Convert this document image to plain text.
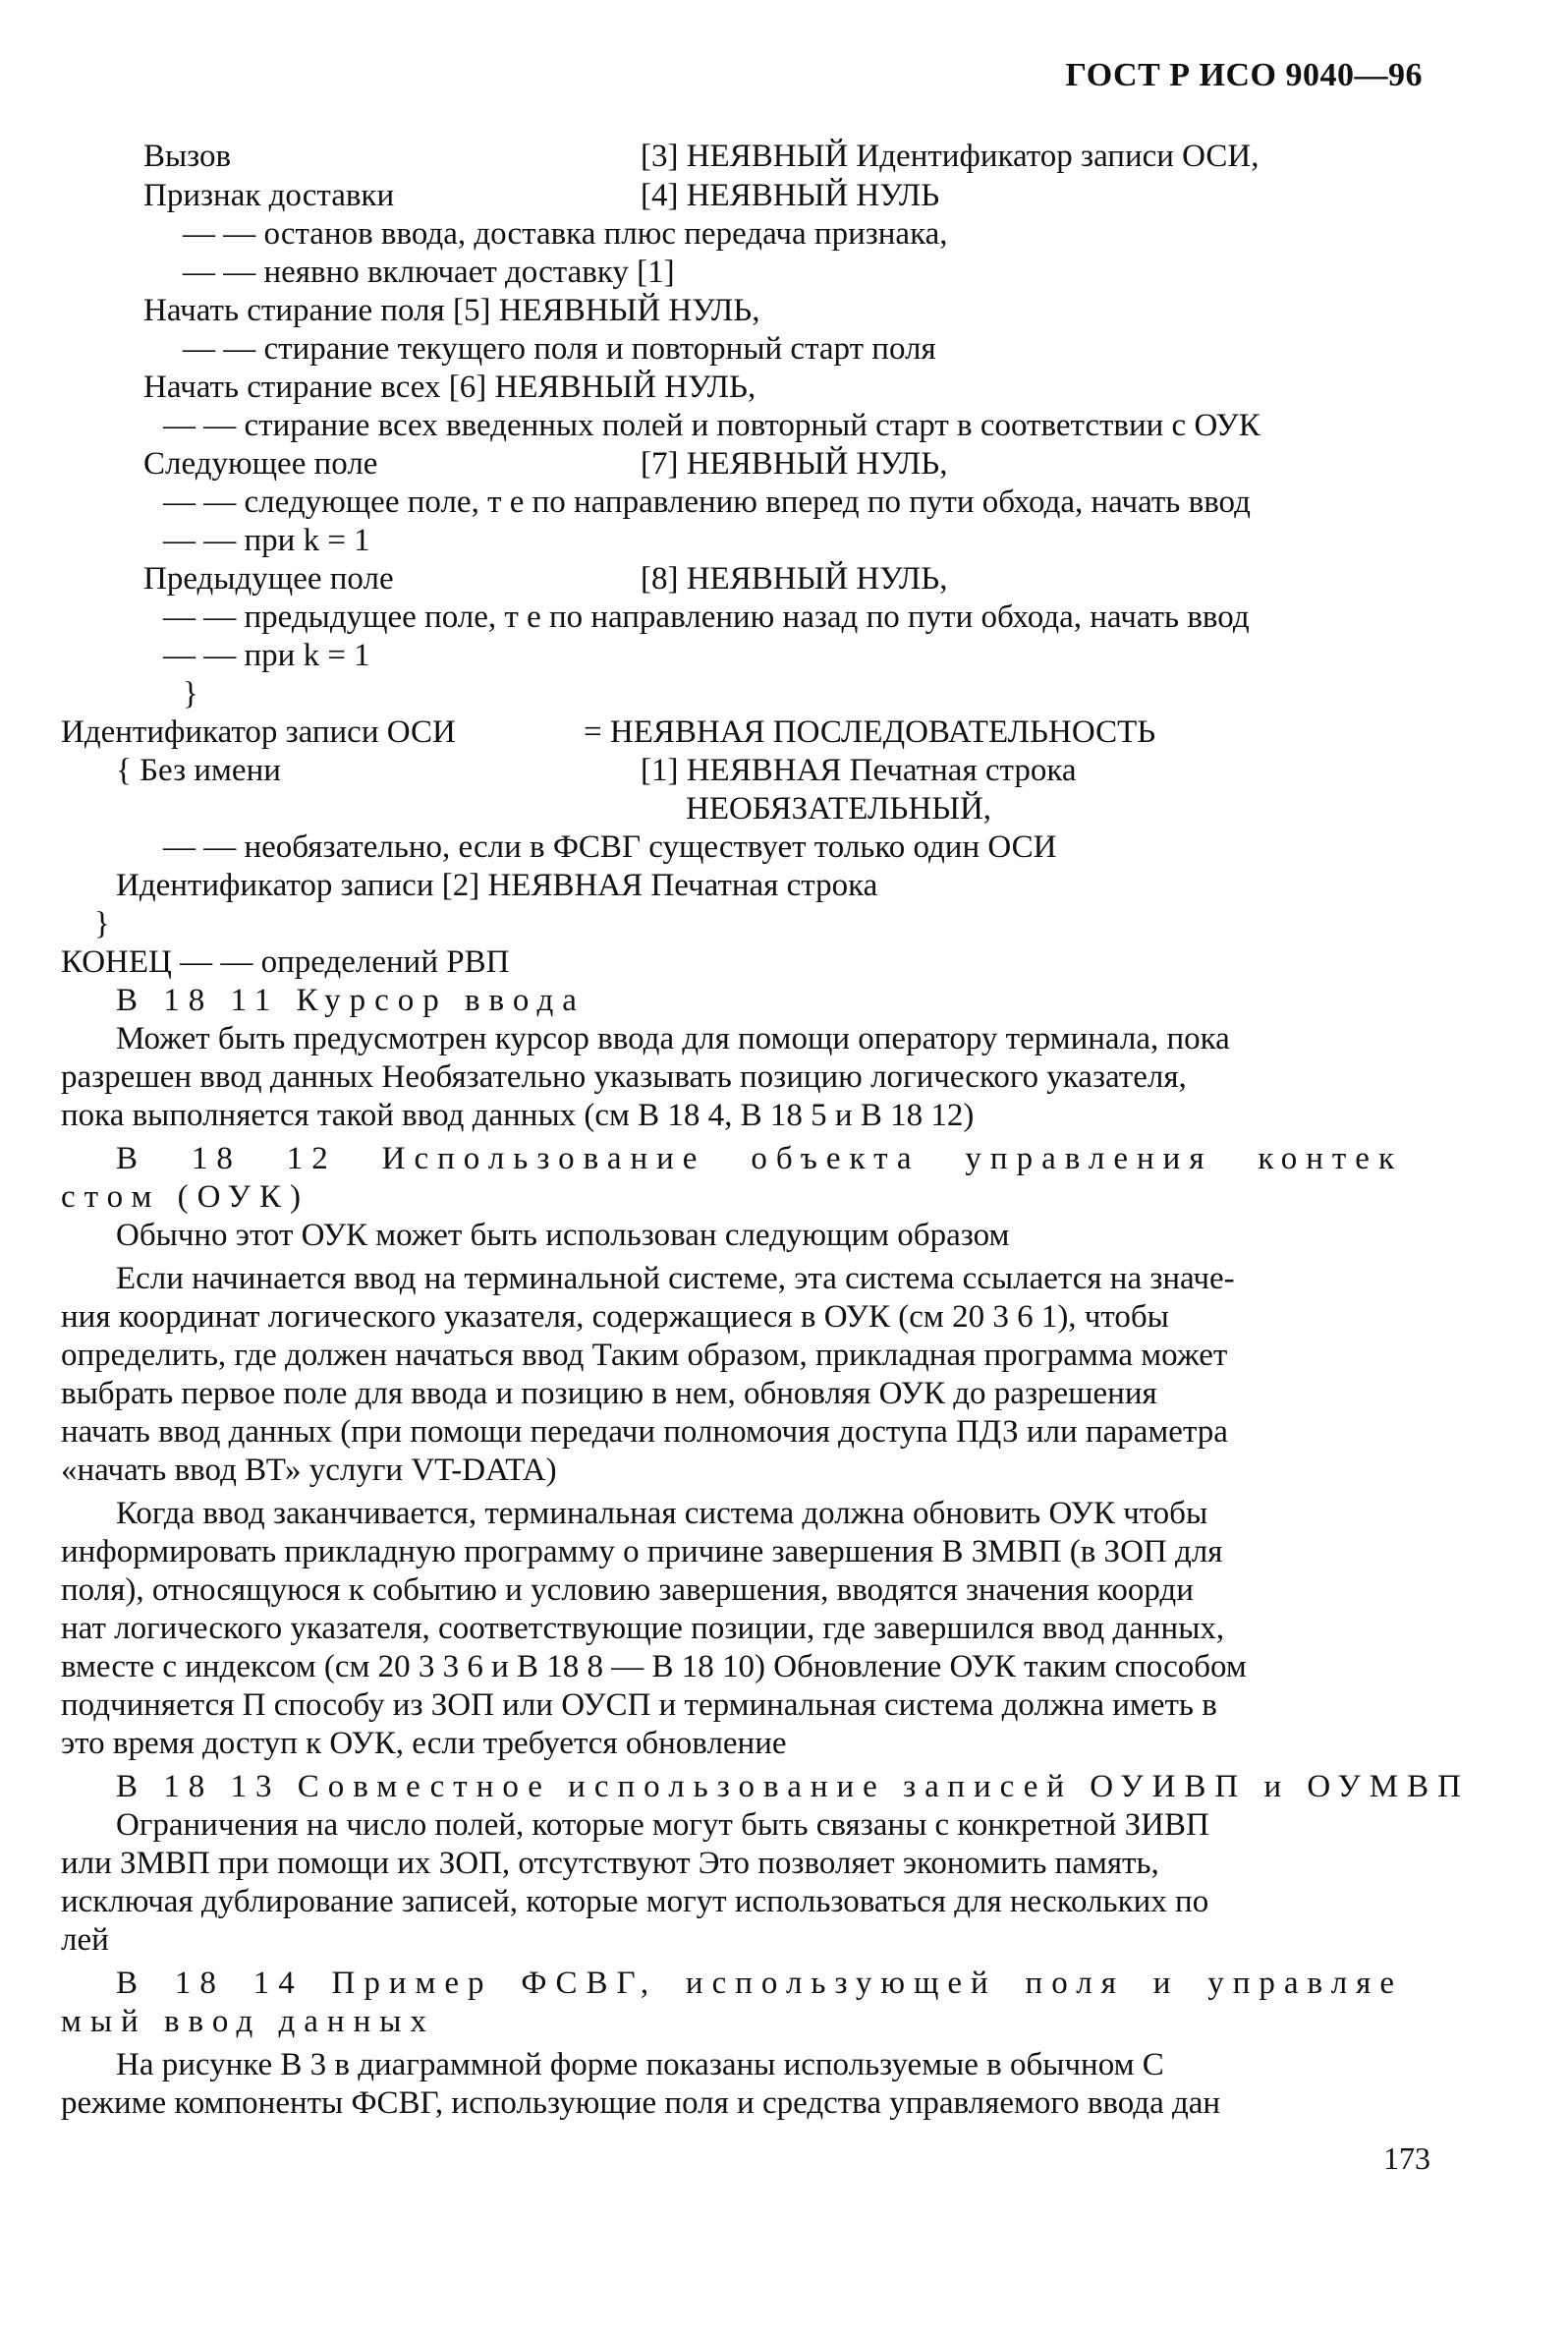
ГОСТ Р ИСО 9040—96
Вызов	[3] НЕЯВНЫЙ Идентификатор записи ОСИ,
Признак доставки	[4] НЕЯВНЫЙ НУЛЬ
— — останов ввода, доставка плюс передача признака,
— — неявно включает доставку [1]
Начать стирание поля [5] НЕЯВНЫЙ НУЛЬ,
— — стирание текущего поля и повторный старт поля
Начать стирание всех [6] НЕЯВНЫЙ НУЛЬ,
— — стирание всех введенных полей и повторный старт в соответствии с ОУК
Следующее поле	[7] НЕЯВНЫЙ НУЛЬ,
— — следующее поле, т е по направлению вперед по пути обхода, начать ввод
— — при k = 1
Предыдущее поле	[8] НЕЯВНЫЙ НУЛЬ,
— — предыдущее поле, т е по направлению назад по пути обхода, начать ввод
— — при k = 1
}
Идентификатор записи ОСИ	= НЕЯВНАЯ ПОСЛЕДОВАТЕЛЬНОСТЬ
{ Без имени	[1] НЕЯВНАЯ Печатная строка
НЕОБЯЗАТЕЛЬНЫЙ,
— — необязательно, если в ФСВГ существует только один ОСИ
Идентификатор записи [2] НЕЯВНАЯ Печатная строка
}
КОНЕЦ — — определений РВП
В 18 11 Курсор ввода
Может быть предусмотрен курсор ввода для помощи оператору терминала, пока
разрешен ввод данных Необязательно указывать позицию логического указателя,
пока выполняется такой ввод данных (см В 18 4, В 18 5 и В 18 12)
В 18 12 Использование объекта управления контек
стом (ОУК)
Обычно этот ОУК может быть использован следующим образом
Если начинается ввод на терминальной системе, эта система ссылается на значе-
ния координат логического указателя, содержащиеся в ОУК (см 20 3 6 1), чтобы
определить, где должен начаться ввод Таким образом, прикладная программа может
выбрать первое поле для ввода и позицию в нем, обновляя ОУК до разрешения
начать ввод данных (при помощи передачи полномочия доступа ПДЗ или параметра
«начать ввод ВТ» услуги VT-DATA)
Когда ввод заканчивается, терминальная система должна обновить ОУК чтобы
информировать прикладную программу о причине завершения В ЗМВП (в ЗОП для
поля), относящуюся к событию и условию завершения, вводятся значения коорди
нат логического указателя, соответствующие позиции, где завершился ввод данных,
вместе с индексом (см 20 3 3 6 и В 18 8 — В 18 10) Обновление ОУК таким способом
подчиняется П способу из ЗОП или ОУСП и терминальная система должна иметь в
это время доступ к ОУК, если требуется обновление
В 18 13 Совместное использование записей ОУИВП и ОУМВП
Ограничения на число полей, которые могут быть связаны с конкретной ЗИВП
или ЗМВП при помощи их ЗОП, отсутствуют Это позволяет экономить память,
исключая дублирование записей, которые могут использоваться для нескольких по
лей
В 18 14 Пример ФСВГ, использующей поля и управляе
мый ввод данных
На рисунке В 3 в диаграммной форме показаны используемые в обычном С
режиме компоненты ФСВГ, использующие поля и средства управляемого ввода дан
173
